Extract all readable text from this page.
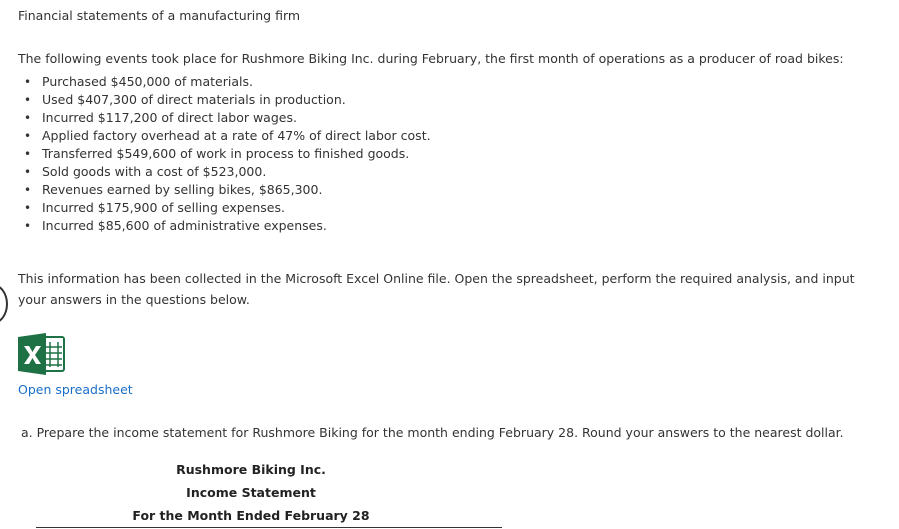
Financial statements of a manufacturing firm
The following events took place for Rushmore Biking Inc. during February, the first month of operations as a producer of road bikes:
• Purchased $450,000 of materials.
• Used $407,300 of direct materials in production.
• Incurred $117,200 of direct labor wages.
• Applied factory overhead at a rate of 47% of direct labor cost.
• Transferred $549,600 of work in process to finished goods.
• Sold goods with a cost of $523,000.
• Revenues earned by selling bikes, $865,300.
• Incurred $175,900 of selling expenses.
• Incurred $85,600 of administrative expenses.
This information has been collected in the Microsoft Excel Online file. Open the spreadsheet, perform the required analysis, and input your answers in the questions below.
Open spreadsheet
a. Prepare the income statement for Rushmore Biking for the month ending February 28. Round your answers to the nearest dollar.
Rushmore Biking Inc.
Income Statement
For the Month Ended February 28
